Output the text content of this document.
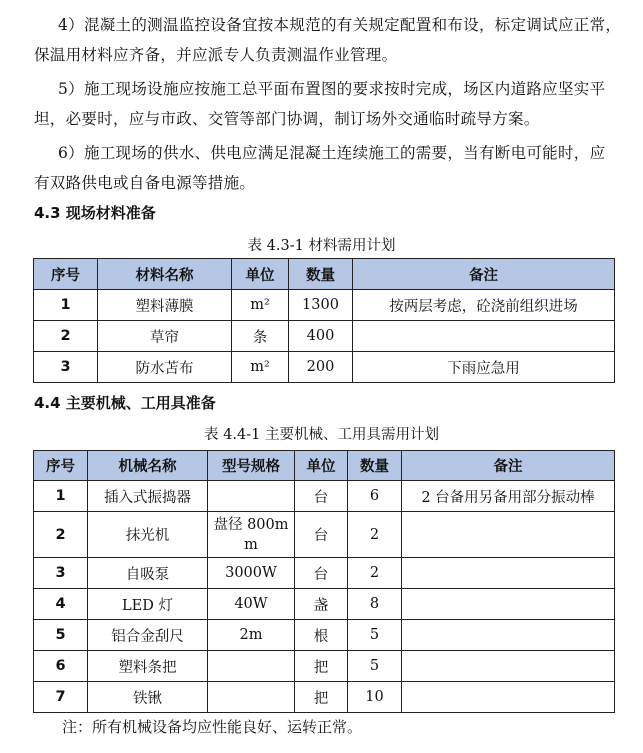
4）混凝土的测温监控设备宜按本规范的有关规定配置和布设，标定调试应正常，
保温用材料应齐备，并应派专人负责测温作业管理。
5）施工现场设施应按施工总平面布置图的要求按时完成，场区内道路应坚实平
坦，必要时，应与市政、交管等部门协调，制订场外交通临时疏导方案。
6）施工现场的供水、供电应满足混凝土连续施工的需要，当有断电可能时，应
有双路供电或自备电源等措施。
4.3 现场材料准备
表 4.3-1 材料需用计划
序号	材料名称	单位	数量	备注
1	塑料薄膜	m²	1300	按两层考虑，砼浇前组织进场
2	草帘	条	400	
3	防水苫布	m²	200	下雨应急用
4.4 主要机械、工用具准备
表 4.4-1 主要机械、工用具需用计划
序号	机械名称	型号规格	单位	数量	备注
1	插入式振捣器		台	6	2 台备用另备用部分振动棒
2	抹光机	盘径 800mm	台	2	
3	自吸泵	3000W	台	2	
4	LED 灯	40W	盏	8	
5	铝合金刮尺	2m	根	5	
6	塑料条把		把	5	
7	铁锹		把	10	
注：所有机械设备均应性能良好、运转正常。
